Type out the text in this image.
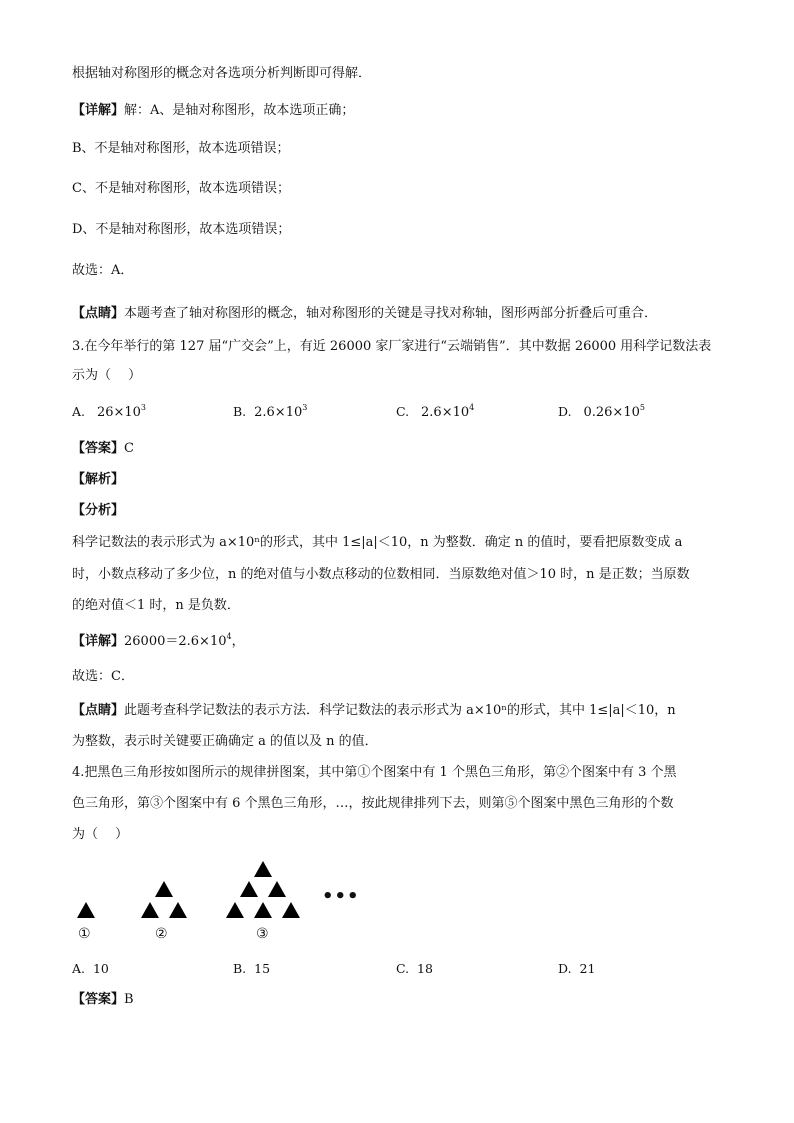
根据轴对称图形的概念对各选项分析判断即可得解．
【详解】解：A、是轴对称图形，故本选项正确；
B、不是轴对称图形，故本选项错误；
C、不是轴对称图形，故本选项错误；
D、不是轴对称图形，故本选项错误；
故选：A．
【点睛】本题考查了轴对称图形的概念，轴对称图形的关键是寻找对称轴，图形两部分折叠后可重合．
3.在今年举行的第 127 届“广交会”上，有近 26000 家厂家进行“云端销售”．其中数据 26000 用科学记数法表
示为（　 ）
A. $26\times 10^3$	B. $2.6\times 10^3$	C. $2.6\times 10^4$	D. $0.26\times 10^5$
【答案】C
【解析】
【分析】
科学记数法的表示形式为 a×10ⁿ的形式，其中 1≤|a|＜10，n 为整数．确定 n 的值时，要看把原数变成 a
时，小数点移动了多少位，n 的绝对值与小数点移动的位数相同．当原数绝对值＞10 时，n 是正数；当原数
的绝对值＜1 时，n 是负数．
【详解】$26000=2.6\times 10^4$，
故选：C．
【点睛】此题考查科学记数法的表示方法．科学记数法的表示形式为 a×10ⁿ的形式，其中 1≤|a|＜10，n
为整数，表示时关键要正确确定 a 的值以及 n 的值．
4.把黑色三角形按如图所示的规律拼图案，其中第①个图案中有 1 个黑色三角形，第②个图案中有 3 个黑
色三角形，第③个图案中有 6 个黑色三角形，…，按此规律排列下去，则第⑤个图案中黑色三角形的个数
为（　 ）
•••
①	②	③
A. 10	B. 15	C. 18	D. 21
【答案】B
